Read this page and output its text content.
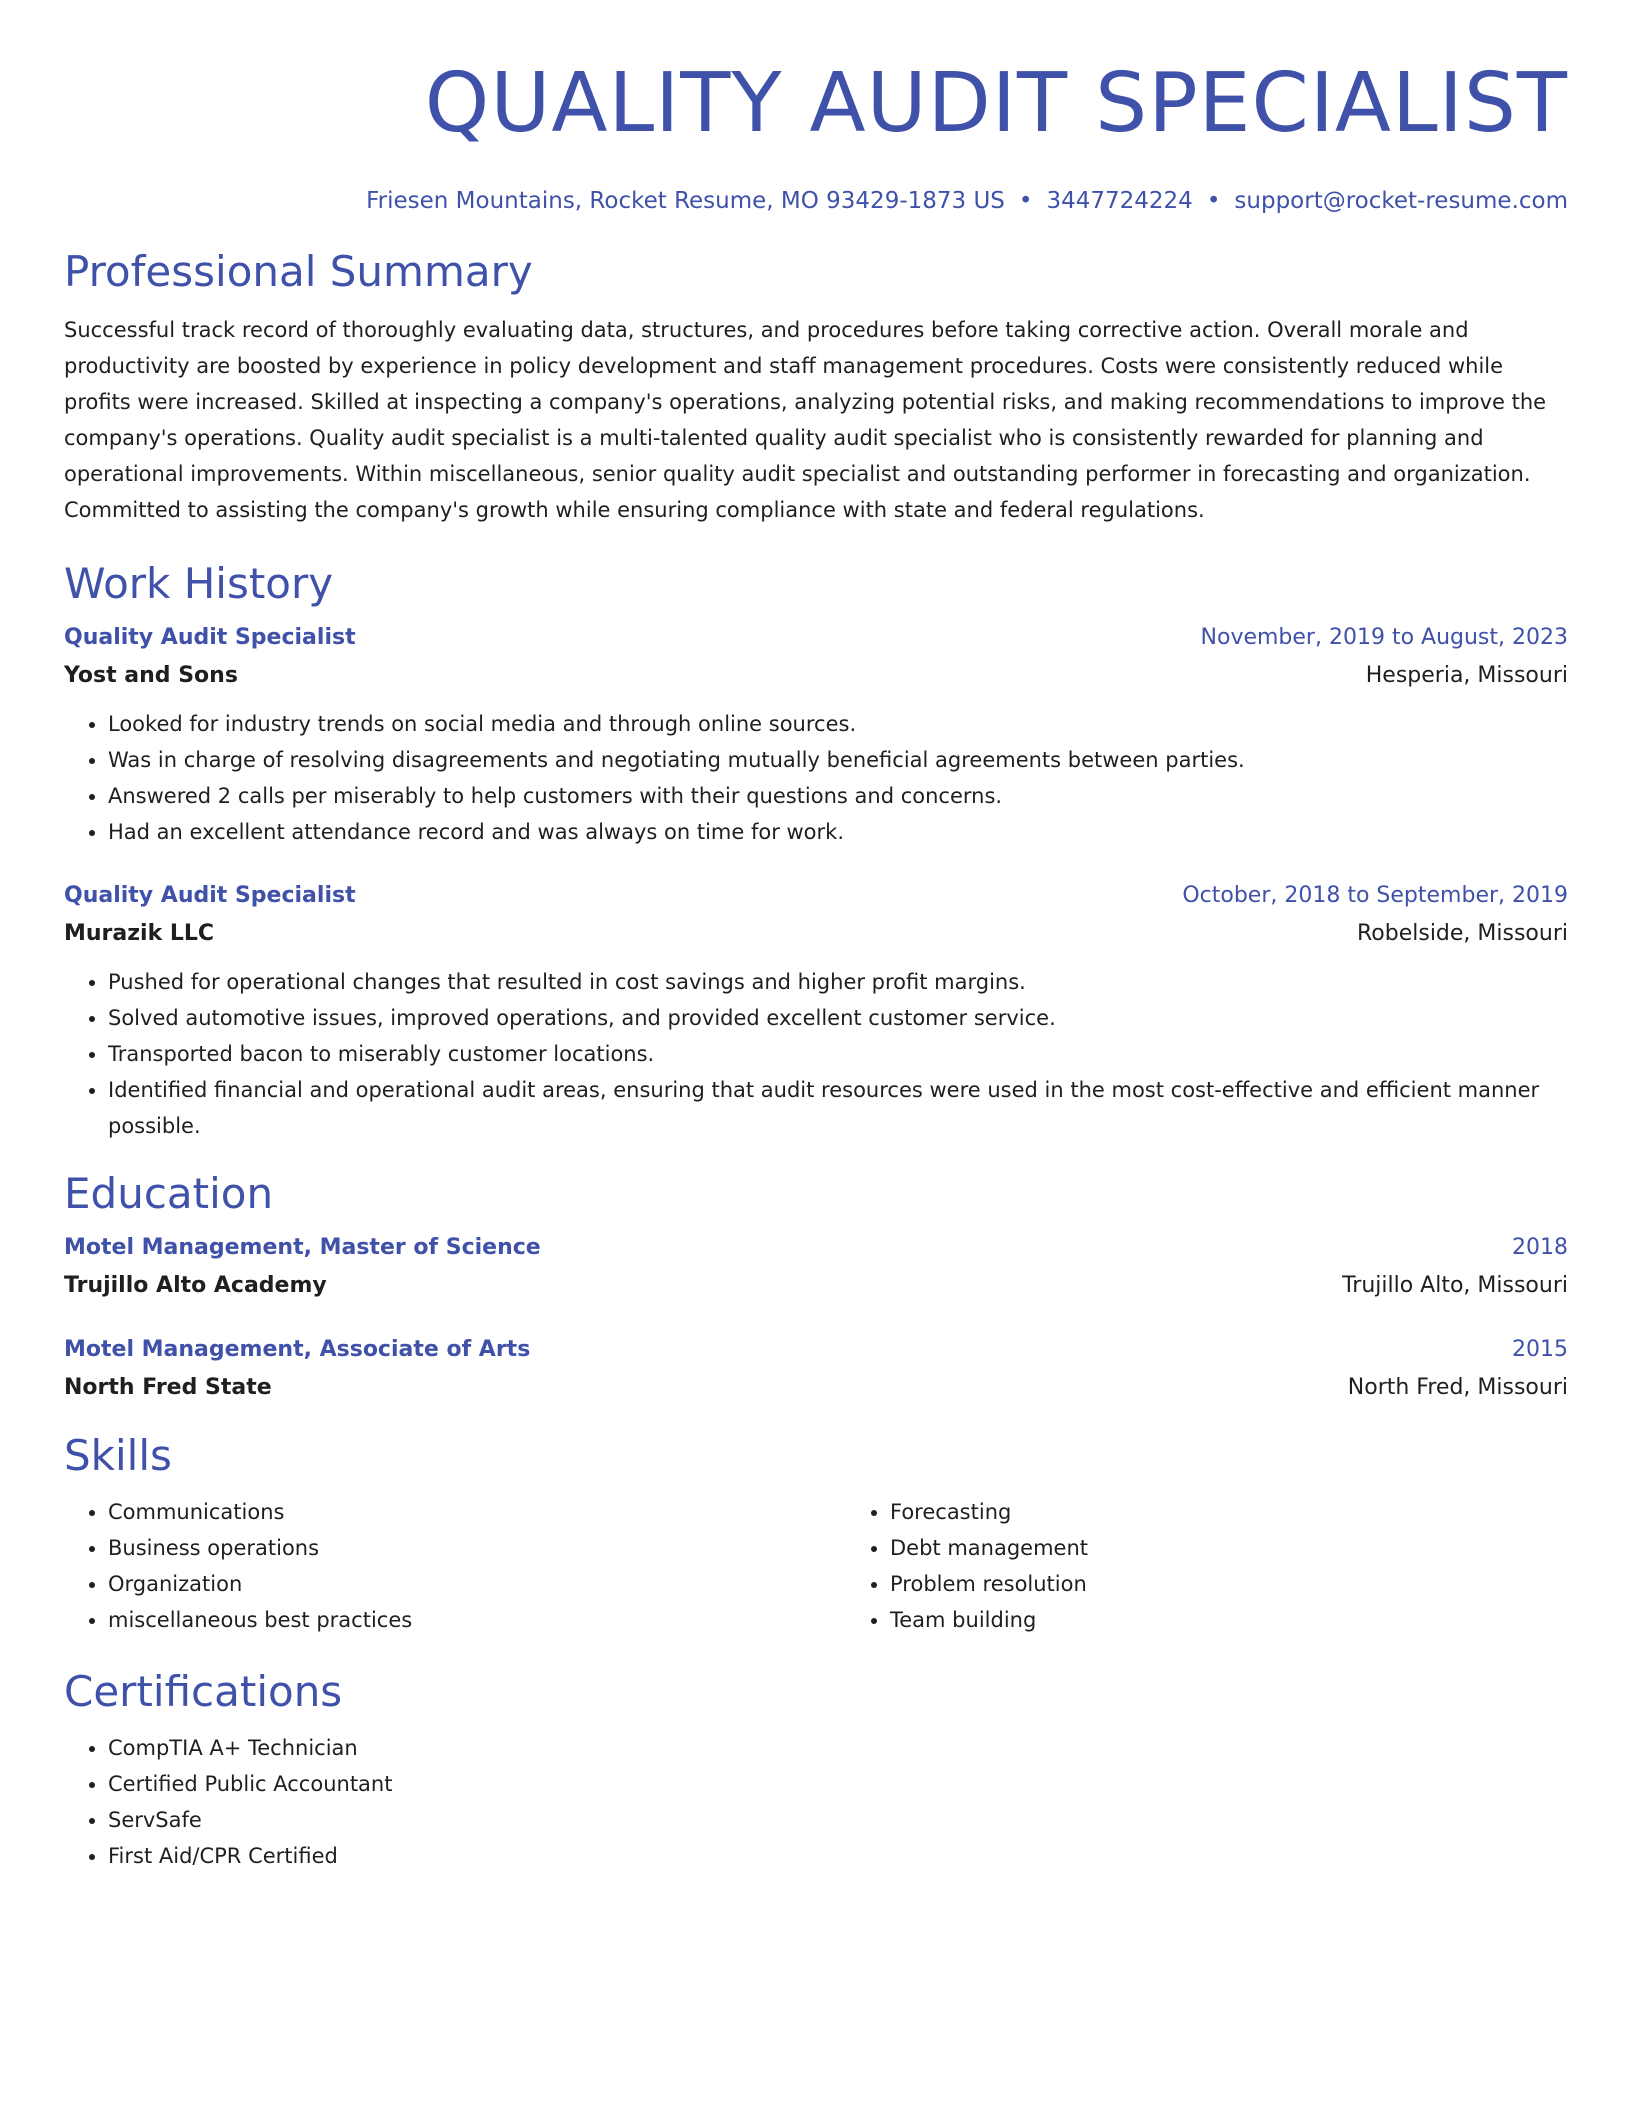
QUALITY AUDIT SPECIALIST
Friesen Mountains, Rocket Resume, MO 93429-1873 US • 3447724224 • support@rocket-resume.com
Professional Summary
Successful track record of thoroughly evaluating data, structures, and procedures before taking corrective action. Overall morale and productivity are boosted by experience in policy development and staff management procedures. Costs were consistently reduced while profits were increased. Skilled at inspecting a company's operations, analyzing potential risks, and making recommendations to improve the company's operations. Quality audit specialist is a multi-talented quality audit specialist who is consistently rewarded for planning and operational improvements. Within miscellaneous, senior quality audit specialist and outstanding performer in forecasting and organization. Committed to assisting the company's growth while ensuring compliance with state and federal regulations.
Work History
Quality Audit Specialist	November, 2019 to August, 2023
Yost and Sons	Hesperia, Missouri
• Looked for industry trends on social media and through online sources.
• Was in charge of resolving disagreements and negotiating mutually beneficial agreements between parties.
• Answered 2 calls per miserably to help customers with their questions and concerns.
• Had an excellent attendance record and was always on time for work.
Quality Audit Specialist	October, 2018 to September, 2019
Murazik LLC	Robelside, Missouri
• Pushed for operational changes that resulted in cost savings and higher profit margins.
• Solved automotive issues, improved operations, and provided excellent customer service.
• Transported bacon to miserably customer locations.
• Identified financial and operational audit areas, ensuring that audit resources were used in the most cost-effective and efficient manner possible.
Education
Motel Management, Master of Science	2018
Trujillo Alto Academy	Trujillo Alto, Missouri
Motel Management, Associate of Arts	2015
North Fred State	North Fred, Missouri
Skills
• Communications
• Business operations
• Organization
• miscellaneous best practices
• Forecasting
• Debt management
• Problem resolution
• Team building
Certifications
• CompTIA A+ Technician
• Certified Public Accountant
• ServSafe
• First Aid/CPR Certified
